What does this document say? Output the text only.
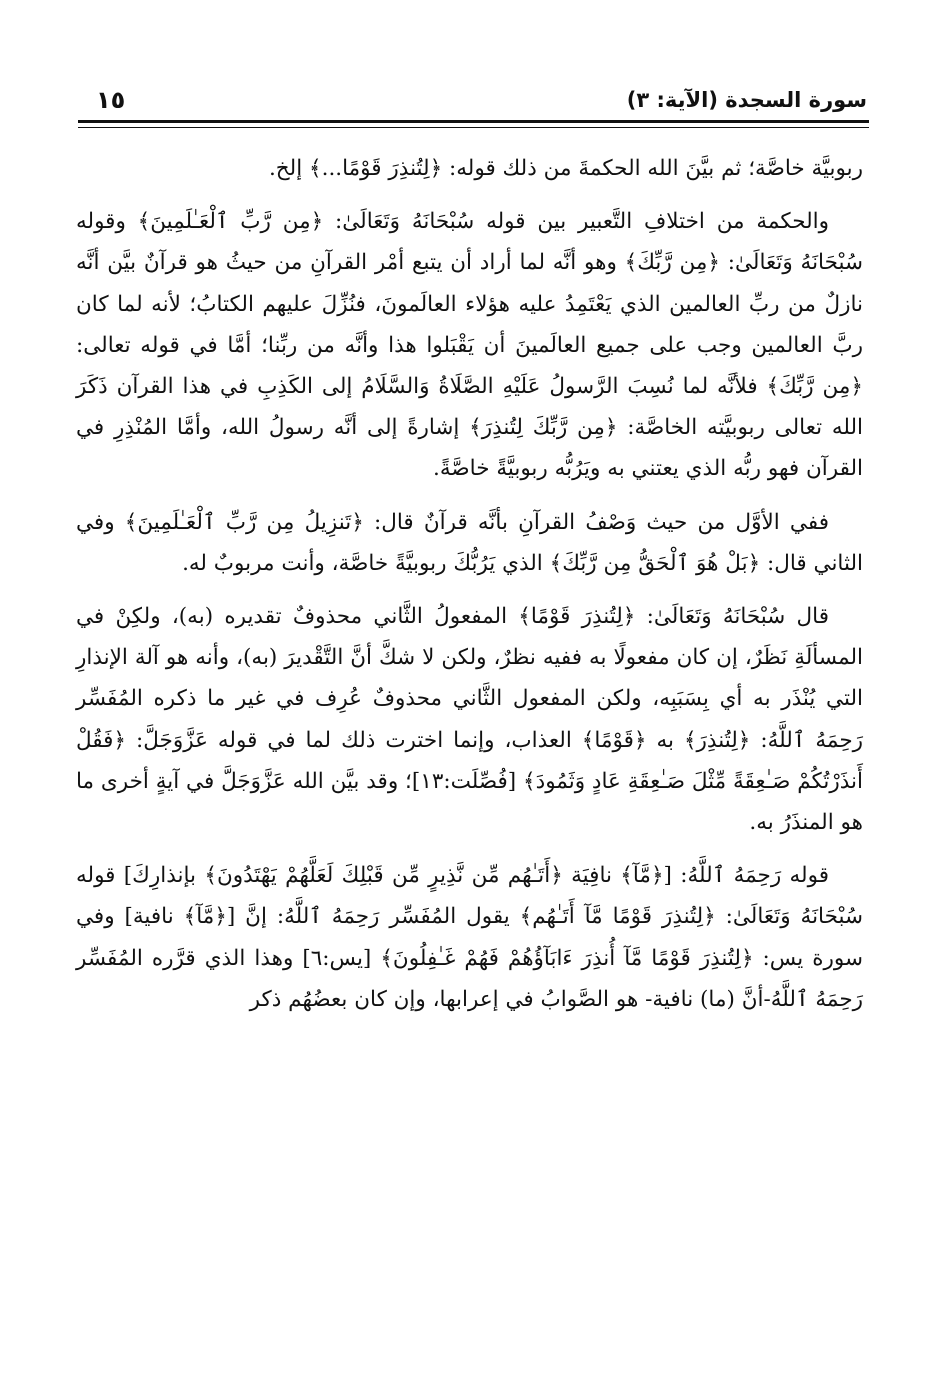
سورة السجدة (الآية: ٣)
١٥

ربوبيَّة خاصَّة؛ ثم بيَّنَ الله الحكمةَ من ذلك قوله: ﴿لِتُنذِرَ قَوْمًا...﴾ إلخ.

والحكمة من اختلافِ التَّعبير بين قوله سُبْحَانَهُ وَتَعَالَىٰ: ﴿مِن رَّبِّ ٱلْعَـٰلَمِينَ﴾ وقوله سُبْحَانَهُ وَتَعَالَىٰ: ﴿مِن رَّبِّكَ﴾ وهو أنَّه لما أراد أن يتبع أمْر القرآنِ من حيثُ هو قرآنٌ بيَّن أنَّه نازلٌ من ربِّ العالمين الذي يَعْتَمِدُ عليه هؤلاء العالَمونَ، فنُزِّلَ عليهم الكتابُ؛ لأنه لما كان ربَّ العالمين وجب على جميع العالَمينَ أن يَقْبَلوا هذا وأنَّه من ربِّنا؛ أمَّا في قوله تعالى: ﴿مِن رَّبِّكَ﴾ فلأنَّه لما نُسِبَ الرَّسولُ عَلَيْهِ الصَّلَاةُ وَالسَّلَامُ إلى الكَذِبِ في هذا القرآن ذَكَرَ الله تعالى ربوبيَّته الخاصَّة: ﴿مِن رَّبِّكَ لِتُنذِرَ﴾ إشارةً إلى أنَّه رسولُ الله، وأمَّا المُنْذِرِ في القرآن فهو ربُّه الذي يعتني به ويَرُبُّه ربوبيَّةً خاصَّةً.

ففي الأوَّل من حيث وَصْفُ القرآنِ بأنَّه قرآنٌ قال: ﴿تَنزِيلُ مِن رَّبِّ ٱلْعَـٰلَمِينَ﴾ وفي الثاني قال: ﴿بَلْ هُوَ ٱلْحَقُّ مِن رَّبِّكَ﴾ الذي يَرُبُّكَ ربوبيَّةً خاصَّة، وأنت مربوبٌ له.

قال سُبْحَانَهُ وَتَعَالَىٰ: ﴿لِتُنذِرَ قَوْمًا﴾ المفعولُ الثَّاني محذوفٌ تقديره (به)، ولكِنْ في المسألَةِ نَظَرٌ، إن كان مفعولًا به ففيه نظرٌ، ولكن لا شكَّ أنَّ التَّقْديرَ (به)، وأنه هو آلة الإنذارِ التي يُنْذَر به أي بِسَبَبِه، ولكن المفعول الثَّاني محذوفٌ عُرِف في غير ما ذكره المُفَسِّر رَحِمَهُ ٱللَّهُ: ﴿لِتُنذِرَ﴾ به ﴿قَوْمًا﴾ العذاب، وإنما اخترت ذلك لما في قوله عَزَّوَجَلَّ: ﴿فَقُلْ أَنذَرْتُكُمْ صَـٰعِقَةً مِّثْلَ صَـٰعِقَةِ عَادٍ وَثَمُودَ﴾ [فُصِّلَت:١٣]؛ وقد بيَّن الله عَزَّوَجَلَّ في آيةٍ أخرى ما هو المنذَرُ به.

قوله رَحِمَهُ ٱللَّهُ: [﴿مَّآ﴾ نافِيَة ﴿أَتَـٰهُم مِّن نَّذِيرٍ مِّن قَبْلِكَ لَعَلَّهُمْ يَهْتَدُونَ﴾ بإنذارِكَ] قوله سُبْحَانَهُ وَتَعَالَىٰ: ﴿لِتُنذِرَ قَوْمًا مَّآ أَتَـٰهُم﴾ يقول المُفَسِّر رَحِمَهُ ٱللَّهُ: إنَّ [﴿مَّآ﴾ نافية] وفي سورة يس: ﴿لِتُنذِرَ قَوْمًا مَّآ أُنذِرَ ءَابَآؤُهُمْ فَهُمْ غَـٰفِلُونَ﴾ [يس:٦] وهذا الذي قرَّره المُفَسِّر رَحِمَهُ ٱللَّهُ-أنَّ (ما) نافية- هو الصَّوابُ في إعرابها، وإن كان بعضُهُم ذكر
